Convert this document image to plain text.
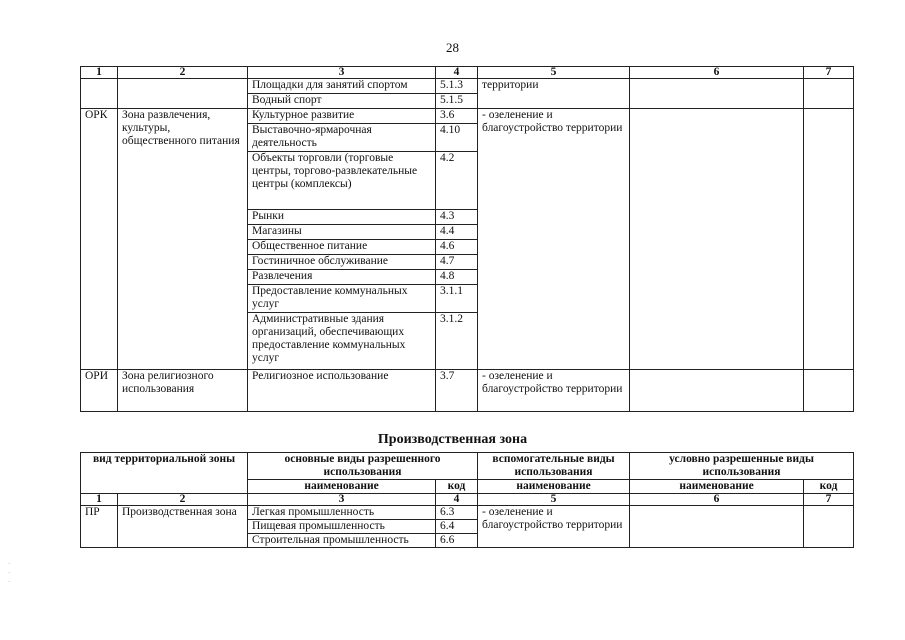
28
1	2	3	4	5	6	7
		Площадки для занятий спортом	5.1.3	территории		
		Водный спорт	5.1.5			
ОРК	Зона развлечения, культуры, общественного питания	Культурное развитие	3.6	- озеленение и благоустройство территории		
		Выставочно-ярмарочная деятельность	4.10			
		Объекты торговли (торговые центры, торгово-развлекательные центры (комплексы)	4.2			
		Рынки	4.3			
		Магазины	4.4			
		Общественное питание	4.6			
		Гостиничное обслуживание	4.7			
		Развлечения	4.8			
		Предоставление коммунальных услуг	3.1.1			
		Административные здания организаций, обеспечивающих предоставление коммунальных услуг	3.1.2			
ОРИ	Зона религиозного использования	Религиозное использование	3.7	- озеленение и благоустройство территории		
Производственная зона
вид территориальной зоны		основные виды разрешенного использования		вспомогательные виды использования	условно разрешенные виды использования	
		наименование	код	наименование	наименование	код
1	2	3	4	5	6	7
ПР	Производственная зона	Легкая промышленность	6.3	- озеленение и благоустройство территории		
		Пищевая промышленность	6.4			
		Строительная промышленность	6.6			
·
·
·
